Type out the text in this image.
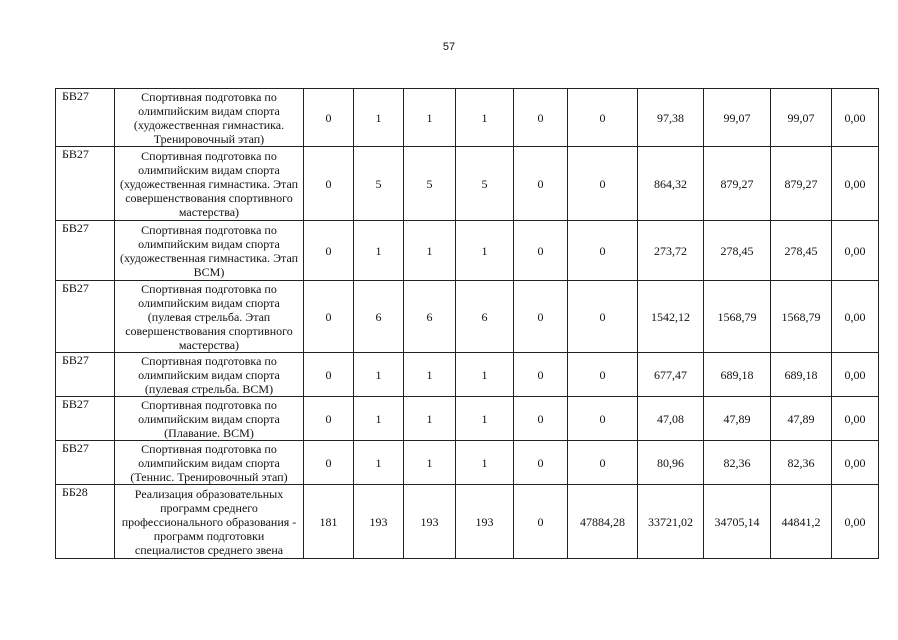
57
БВ27	Спортивная подготовка по олимпийским видам спорта (художественная гимнастика. Тренировочный этап)	0	1	1	1	0	0	97,38	99,07	99,07	0,00
БВ27	Спортивная подготовка по олимпийским видам спорта (художественная гимнастика. Этап совершенствования спортивного мастерства)	0	5	5	5	0	0	864,32	879,27	879,27	0,00
БВ27	Спортивная подготовка по олимпийским видам спорта (художественная гимнастика. Этап ВСМ)	0	1	1	1	0	0	273,72	278,45	278,45	0,00
БВ27	Спортивная подготовка по олимпийским видам спорта (пулевая стрельба. Этап совершенствования спортивного мастерства)	0	6	6	6	0	0	1542,12	1568,79	1568,79	0,00
БВ27	Спортивная подготовка по олимпийским видам спорта (пулевая стрельба. ВСМ)	0	1	1	1	0	0	677,47	689,18	689,18	0,00
БВ27	Спортивная подготовка по олимпийским видам спорта (Плавание. ВСМ)	0	1	1	1	0	0	47,08	47,89	47,89	0,00
БВ27	Спортивная подготовка по олимпийским видам спорта (Теннис. Тренировочный этап)	0	1	1	1	0	0	80,96	82,36	82,36	0,00
ББ28	Реализация образовательных программ среднего профессионального образования - программ подготовки специалистов среднего звена	181	193	193	193	0	47884,28	33721,02	34705,14	44841,2	0,00
